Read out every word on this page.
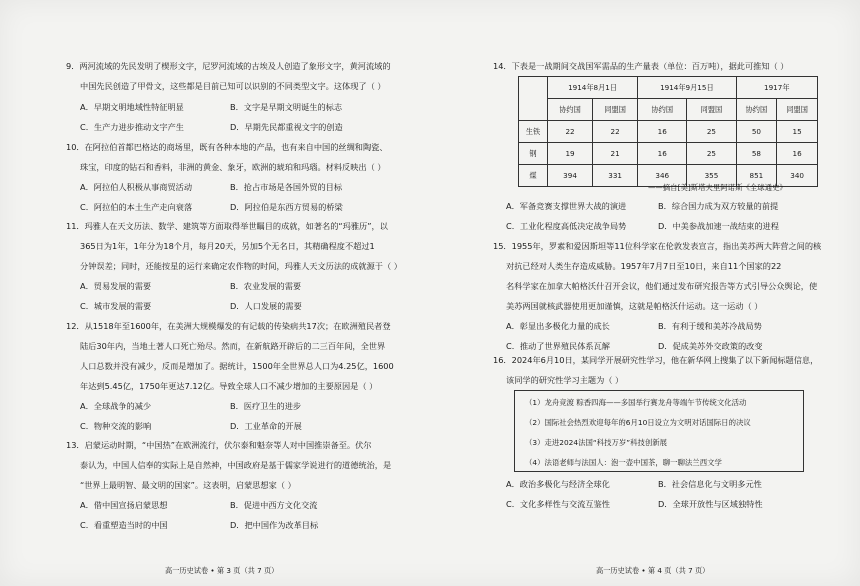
9．两河流域的先民发明了楔形文字，尼罗河流域的古埃及人创造了象形文字，黄河流域的
中国先民创造了甲骨文，这些都是目前已知可以识别的不同类型文字。这体现了（ ）
A．早期文明地域性特征明显	B．文字是早期文明诞生的标志
C．生产力进步推动文字产生	D．早期先民都重视文字的创造
10．在阿拉伯首都巴格达的商场里，既有各种本地的产品，也有来自中国的丝绸和陶瓷、
珠宝，印度的钻石和香料，非洲的黄金、象牙，欧洲的琥珀和玛瑙。材料反映出（ ）
A．阿拉伯人积极从事商贸活动	B．抢占市场是各国外贸的目标
C．阿拉伯的本土生产走向衰落	D．阿拉伯是东西方贸易的桥梁
11．玛雅人在天文历法、数学、建筑等方面取得举世瞩目的成就，如著名的“玛雅历”，以
365日为1年，1年分为18个月，每月20天，另加5个无名日，其精确程度不超过1
分钟误差；同时，还能按星的运行来确定农作物的时间，玛雅人天文历法的成就源于（ ）
A．贸易发展的需要	B．农业发展的需要
C．城市发展的需要	D．人口发展的需要
12．从1518年至1600年，在美洲大规模爆发的有记载的传染病共17次；在欧洲殖民者登
陆后30年内，当地土著人口死亡殆尽。然而，在新航路开辟后的二三百年间，全世界
人口总数并没有减少，反而是增加了。据统计，1500年全世界总人口为4.25亿，1600
年达到5.45亿，1750年更达7.12亿。导致全球人口不减少增加的主要原因是（ ）
A．全球战争的减少	B．医疗卫生的进步
C．物种交流的影响	D．工业革命的开展
13．启蒙运动时期，“中国热”在欧洲流行，伏尔泰和魁奈等人对中国推崇备至。伏尔
泰认为，中国人信奉的实际上是自然神，中国政府是基于儒家学说进行的道德统治，是
“世界上最明智、最文明的国家”。这表明，启蒙思想家（ ）
A．借中国宣扬启蒙思想	B．促进中西方文化交流
C．看重塑造当时的中国	D．把中国作为改革目标
高一历史试卷 • 第 3 页（共 7 页）
14．下表是一战期间交战国军需品的生产量表（单位：百万吨），据此可推知（ ）
	1914年8月1日		1914年9月15日		1917年	
	协约国	同盟国	协约国	同盟国	协约国	同盟国
生铁	22	22	16	25	50	15
钢	19	21	16	25	58	16
煤	394	331	346	355	851	340
——摘自[美]斯塔夫里阿诺斯《全球通史》
A．军备竞赛支撑世界大战的演进	B．综合国力成为双方较量的前提
C．工业化程度高低决定战争局势	D．中美参战加速一战结束的进程
15．1955年，罗素和爱因斯坦等11位科学家在伦敦发表宣言，指出美苏两大阵营之间的核
对抗已经对人类生存造成威胁。1957年7月7日至10日，来自11个国家的22
名科学家在加拿大帕格沃什召开会议，他们通过发布研究报告等方式引导公众舆论，使
美苏两国就核武器使用更加谨慎，这就是帕格沃什运动。这一运动（ ）
A．彰显出多极化力量的成长	B．有利于缓和美苏冷战局势
C．推动了世界殖民体系瓦解	D．促成美苏外交政策的改变
16．2024年6月10日，某同学开展研究性学习，他在新华网上搜集了以下新闻标题信息，
该同学的研究性学习主题为（ ）
（1）龙舟竞渡 粽香四海——多国举行赛龙舟等端午节传统文化活动
（2）国际社会热烈欢迎每年的6月10日设立为文明对话国际日的决议
（3）走进2024法国“科技万岁”科技创新展
（4）法语老师与法国人：泡一壶中国茶，聊一聊法兰西文学
A．政治多极化与经济全球化	B．社会信息化与文明多元性
C．文化多样性与交流互鉴性	D．全球开放性与区域独特性
高一历史试卷 • 第 4 页（共 7 页）
